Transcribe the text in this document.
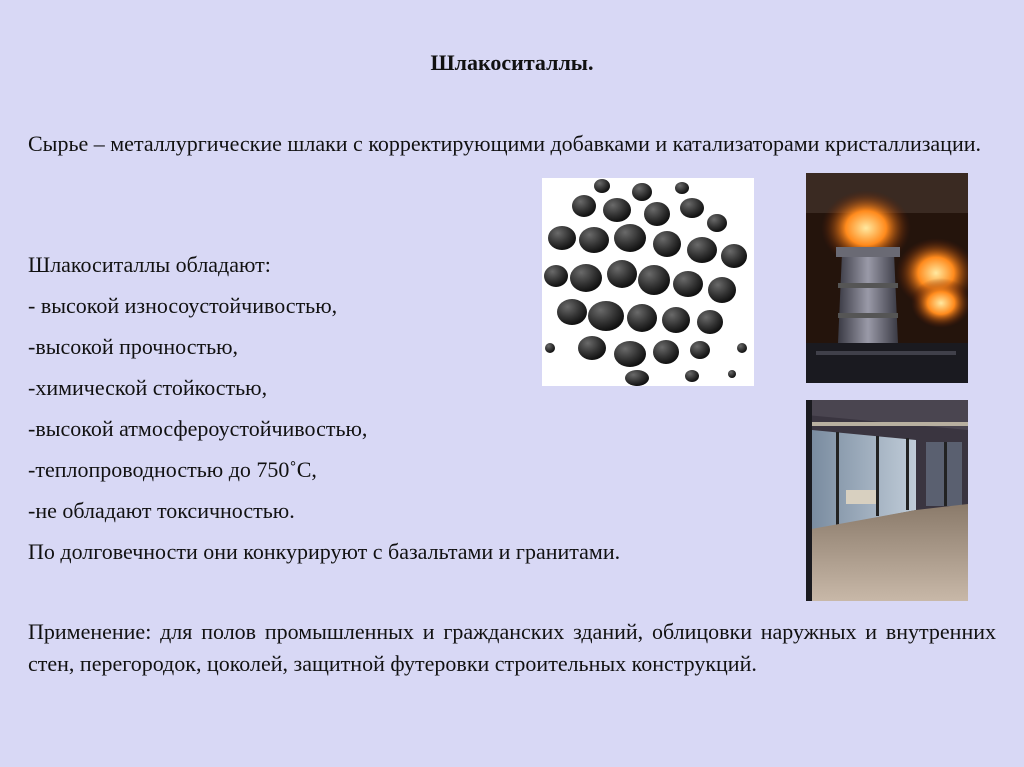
Шлакоситаллы.
Сырье – металлургические шлаки с корректирующими добавками и катализаторами кристаллизации.
Шлакоситаллы обладают:
- высокой износоустойчивостью,
-высокой прочностью,
-химической стойкостью,
-высокой атмосфероустойчивостью,
-теплопроводностью до 750˚С,
-не обладают токсичностью.
По долговечности они конкурируют с базальтами и гранитами.
Применение: для полов промышленных и гражданских зданий, облицовки наружных и внутренних стен, перегородок, цоколей, защитной футеровки строительных конструкций.
